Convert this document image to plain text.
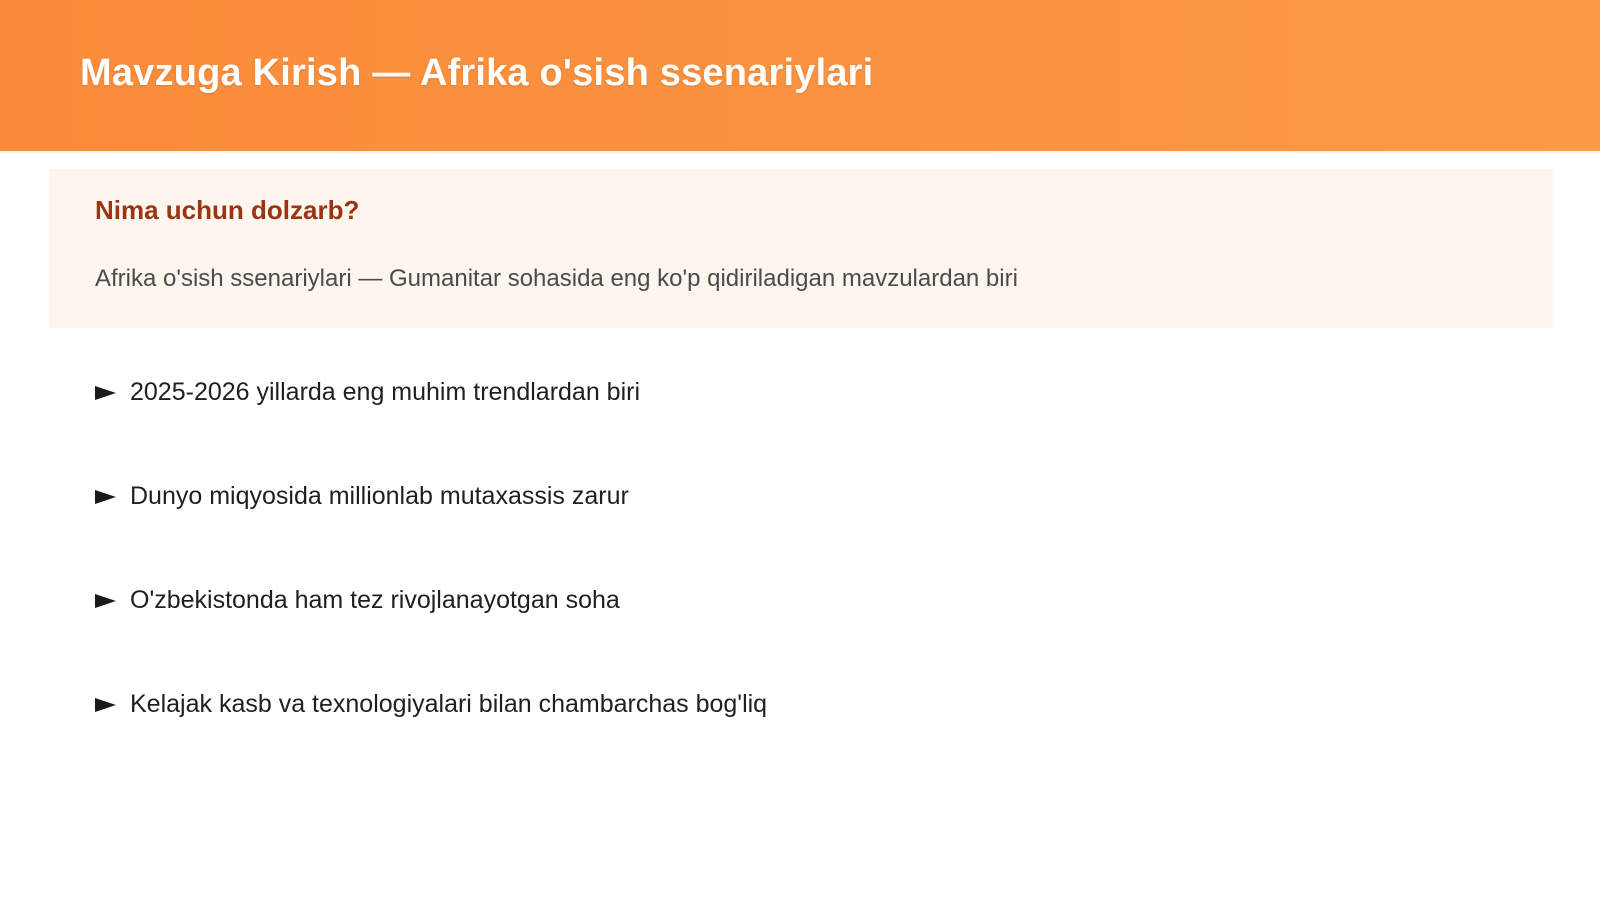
Mavzuga Kirish — Afrika o'sish ssenariylari
Nima uchun dolzarb?

Afrika o'sish ssenariylari — Gumanitar sohasida eng ko'p qidiriladigan mavzulardan biri

2025-2026 yillarda eng muhim trendlardan biri
Dunyo miqyosida millionlab mutaxassis zarur
O'zbekistonda ham tez rivojlanayotgan soha
Kelajak kasb va texnologiyalari bilan chambarchas bog'liq
